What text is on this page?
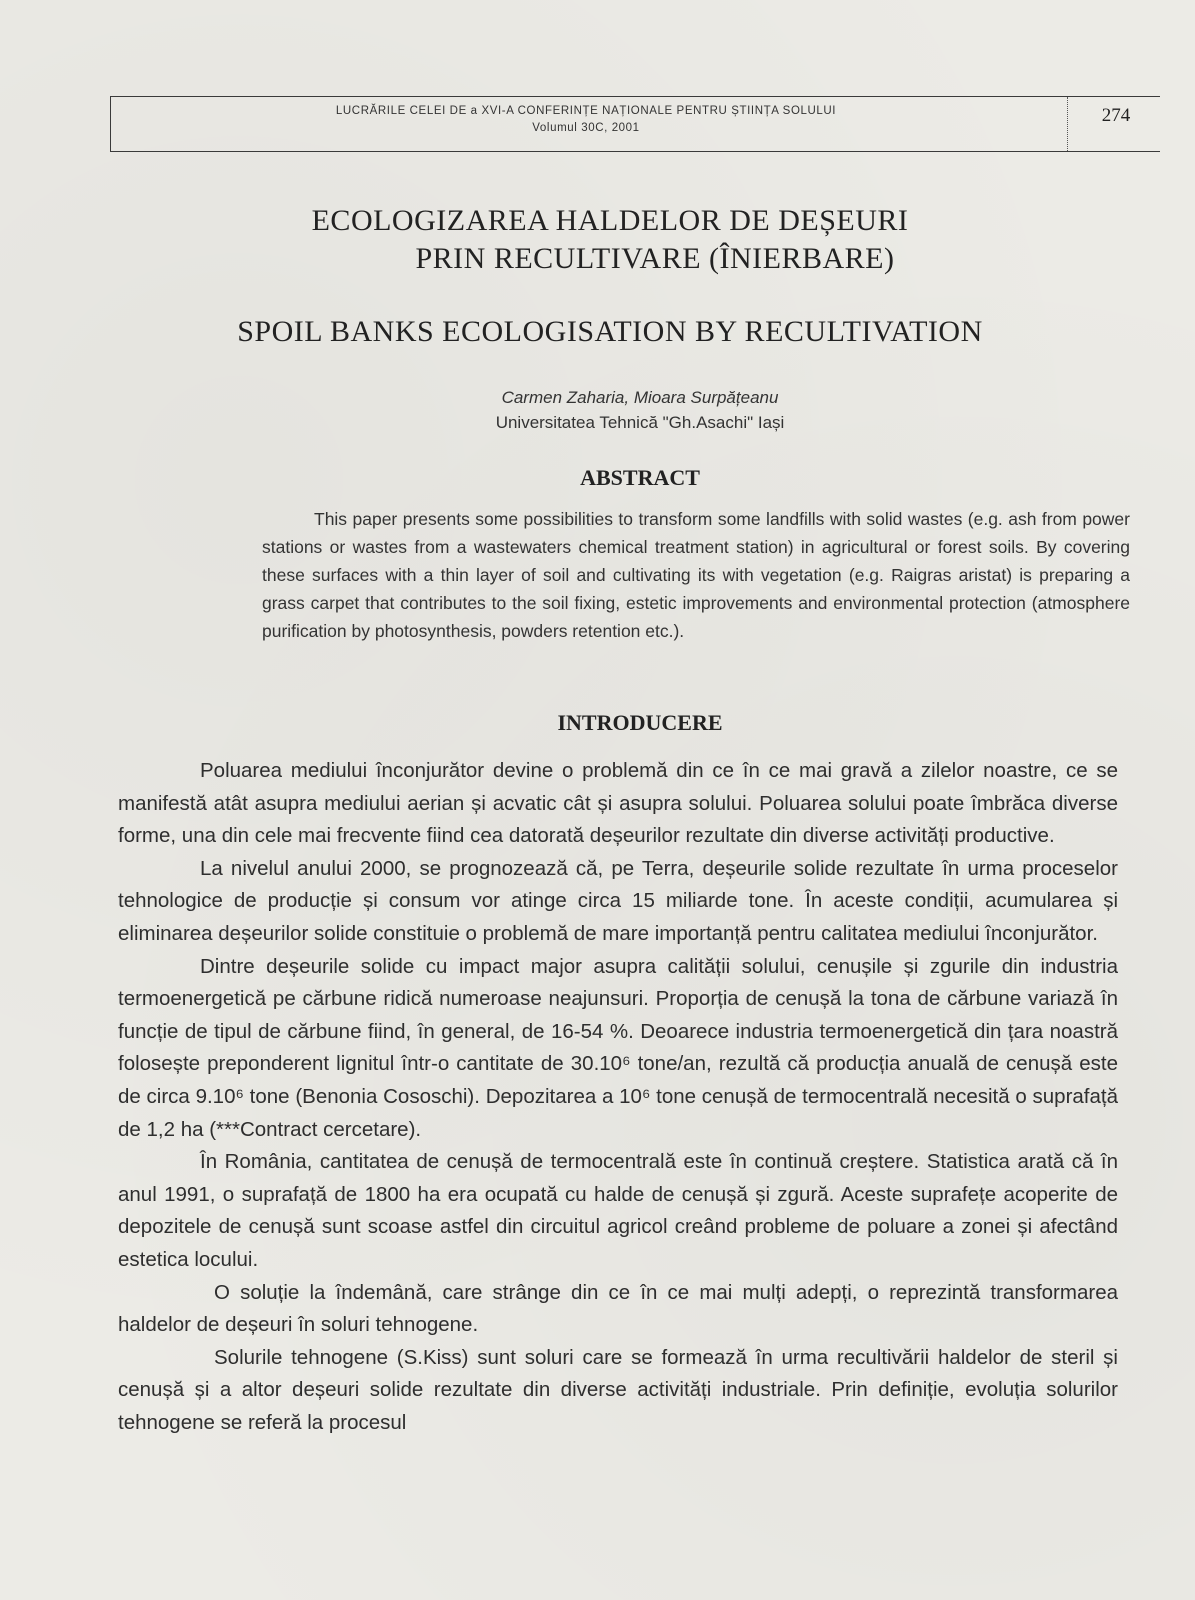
LUCRĂRILE CELEI DE a XVI-A CONFERINȚE NAȚIONALE PENTRU ȘTIINȚA SOLULUI
Volumul 30C, 2001
274
ECOLOGIZAREA HALDELOR DE DEȘEURI
PRIN RECULTIVARE (ÎNIERBARE)
SPOIL BANKS ECOLOGISATION BY RECULTIVATION
Carmen Zaharia, Mioara Surpățeanu
Universitatea Tehnică "Gh.Asachi" Iași
ABSTRACT

This paper presents some possibilities to transform some landfills with solid wastes (e.g. ash from power stations or wastes from a wastewaters chemical treatment station) in agricultural or forest soils. By covering these surfaces with a thin layer of soil and cultivating its with vegetation (e.g. Raigras aristat) is preparing a grass carpet that contributes to the soil fixing, estetic improvements and environmental protection (atmosphere purification by photosynthesis, powders retention etc.).

INTRODUCERE

Poluarea mediului înconjurător devine o problemă din ce în ce mai gravă a zilelor noastre, ce se manifestă atât asupra mediului aerian și acvatic cât și asupra solului. Poluarea solului poate îmbrăca diverse forme, una din cele mai frecvente fiind cea datorată deșeurilor rezultate din diverse activități productive.

La nivelul anului 2000, se prognozează că, pe Terra, deșeurile solide rezultate în urma proceselor tehnologice de producție și consum vor atinge circa 15 miliarde tone. În aceste condiții, acumularea și eliminarea deșeurilor solide constituie o problemă de mare importanță pentru calitatea mediului înconjurător.

Dintre deșeurile solide cu impact major asupra calității solului, cenușile și zgurile din industria termoenergetică pe cărbune ridică numeroase neajunsuri. Proporția de cenușă la tona de cărbune variază în funcție de tipul de cărbune fiind, în general, de 16-54 %. Deoarece industria termoenergetică din țara noastră folosește preponderent lignitul într-o cantitate de 30.10⁶ tone/an, rezultă că producția anuală de cenușă este de circa 9.10⁶ tone (Benonia Cososchi). Depozitarea a 10⁶ tone cenușă de termocentrală necesită o suprafață de 1,2 ha (***Contract cercetare).

În România, cantitatea de cenușă de termocentrală este în continuă creștere. Statistica arată că în anul 1991, o suprafață de 1800 ha era ocupată cu halde de cenușă și zgură. Aceste suprafețe acoperite de depozitele de cenușă sunt scoase astfel din circuitul agricol creând probleme de poluare a zonei și afectând estetica locului.

O soluție la îndemână, care strânge din ce în ce mai mulți adepți, o reprezintă transformarea haldelor de deșeuri în soluri tehnogene.

Solurile tehnogene (S.Kiss) sunt soluri care se formează în urma recultivării haldelor de steril și cenușă și a altor deșeuri solide rezultate din diverse activități industriale. Prin definiție, evoluția solurilor tehnogene se referă la procesul
